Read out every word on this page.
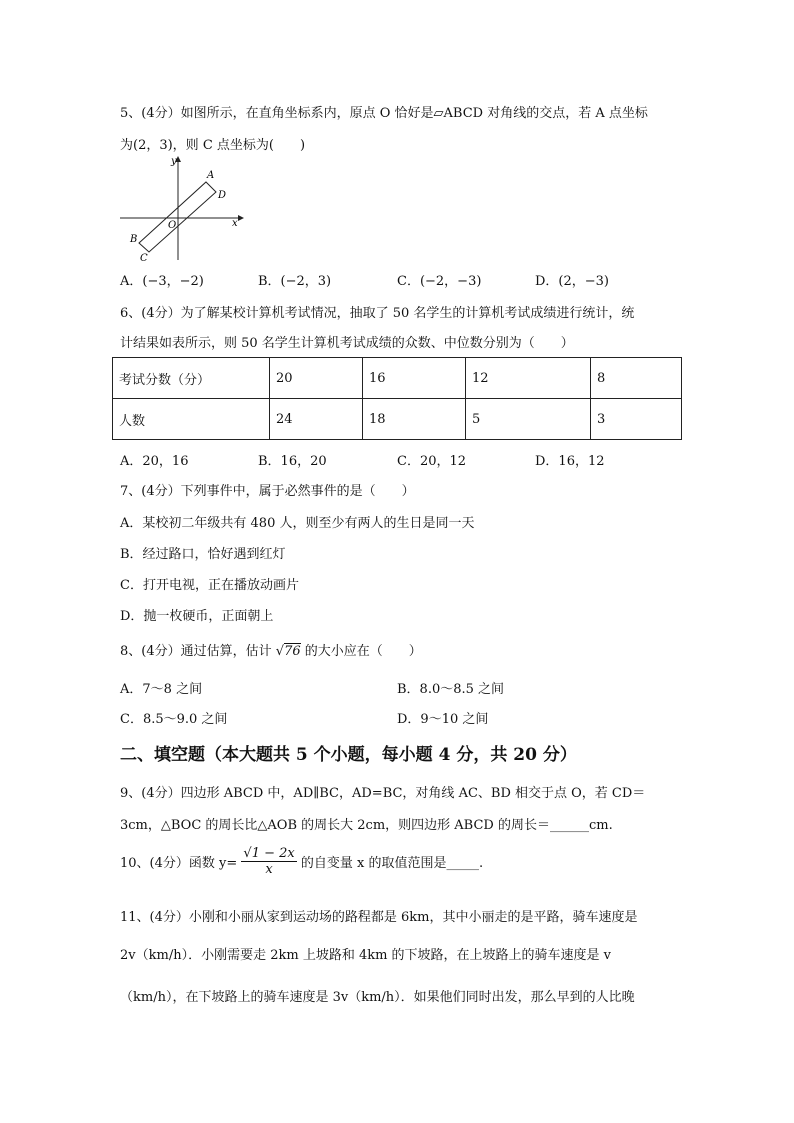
5、(4分）如图所示，在直角坐标系内，原点 O 恰好是▱ABCD 对角线的交点，若 A 点坐标
为(2，3)，则 C 点坐标为(　　)
y
x
O
A
D
B
C
A．(−3，−2)	B．(−2，3)	C．(−2，−3)	D．(2，−3)
6、(4分）为了解某校计算机考试情况，抽取了 50 名学生的计算机考试成绩进行统计，统
计结果如表所示，则 50 名学生计算机考试成绩的众数、中位数分别为（　　）
考试分数（分）	20	16	12	8
人数	24	18	5	3
A．20，16	B．16，20	C．20，12	D．16，12
7、(4分）下列事件中，属于必然事件的是（　　）
A．某校初二年级共有 480 人，则至少有两人的生日是同一天
B．经过路口，恰好遇到红灯
C．打开电视，正在播放动画片
D．抛一枚硬币，正面朝上
8、(4分）通过估算，估计 √76 的大小应在（　　）
A．7～8 之间	B．8.0～8.5 之间
C．8.5～9.0 之间	D．9～10 之间
二、填空题（本大题共 5 个小题，每小题 4 分，共 20 分）
9、(4分）四边形 ABCD 中，AD∥BC，AD=BC，对角线 AC、BD 相交于点 O，若 CD＝
3cm，△BOC 的周长比△AOB 的周长大 2cm，则四边形 ABCD 的周长＝______cm.
10、(4分）函数 $y= \frac{√1 - 2x}{x}$ 的自变量 x 的取值范围是_____.
11、(4分）小刚和小丽从家到运动场的路程都是 6km，其中小丽走的是平路，骑车速度是
2v（km/h）．小刚需要走 2km 上坡路和 4km 的下坡路，在上坡路上的骑车速度是 v
（km/h），在下坡路上的骑车速度是 3v（km/h）．如果他们同时出发，那么早到的人比晚
